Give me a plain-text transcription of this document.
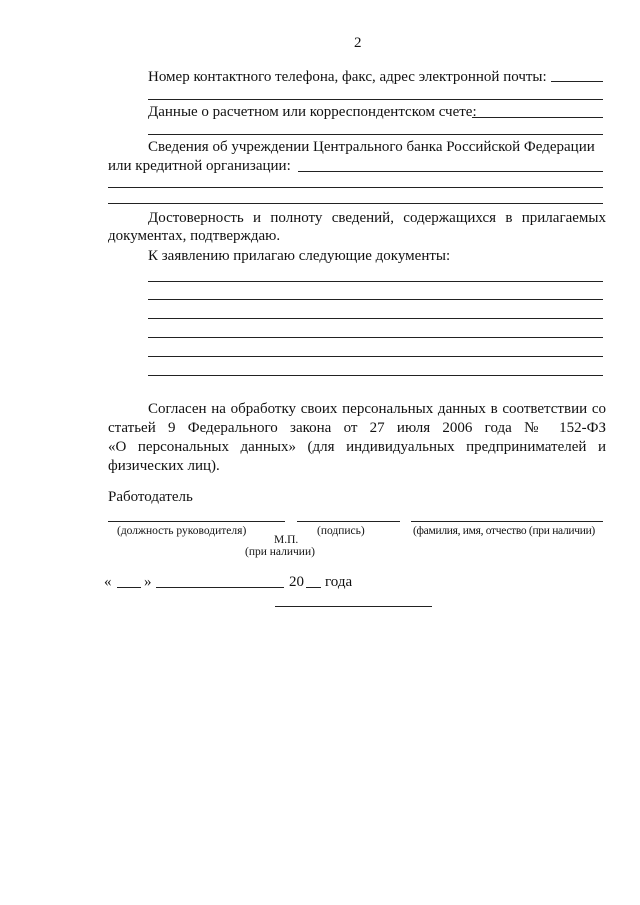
2
Номер контактного телефона, факс, адрес электронной почты:
Данные о расчетном или корреспондентском счете:
Сведения об учреждении Центрального банка Российской Федерации
или кредитной организации:
Достоверность и полноту сведений, содержащихся в прилагаемых
документах, подтверждаю.
К заявлению прилагаю следующие документы:
Согласен на обработку своих персональных данных в соответствии со
статьей 9 Федерального закона от 27 июля 2006 года № 152-ФЗ
«О персональных данных» (для индивидуальных предпринимателей и
физических лиц).
Работодатель
(должность руководителя)	(подпись)	(фамилия, имя, отчество (при наличии)
М.П.
(при наличии)
« »	20 года
